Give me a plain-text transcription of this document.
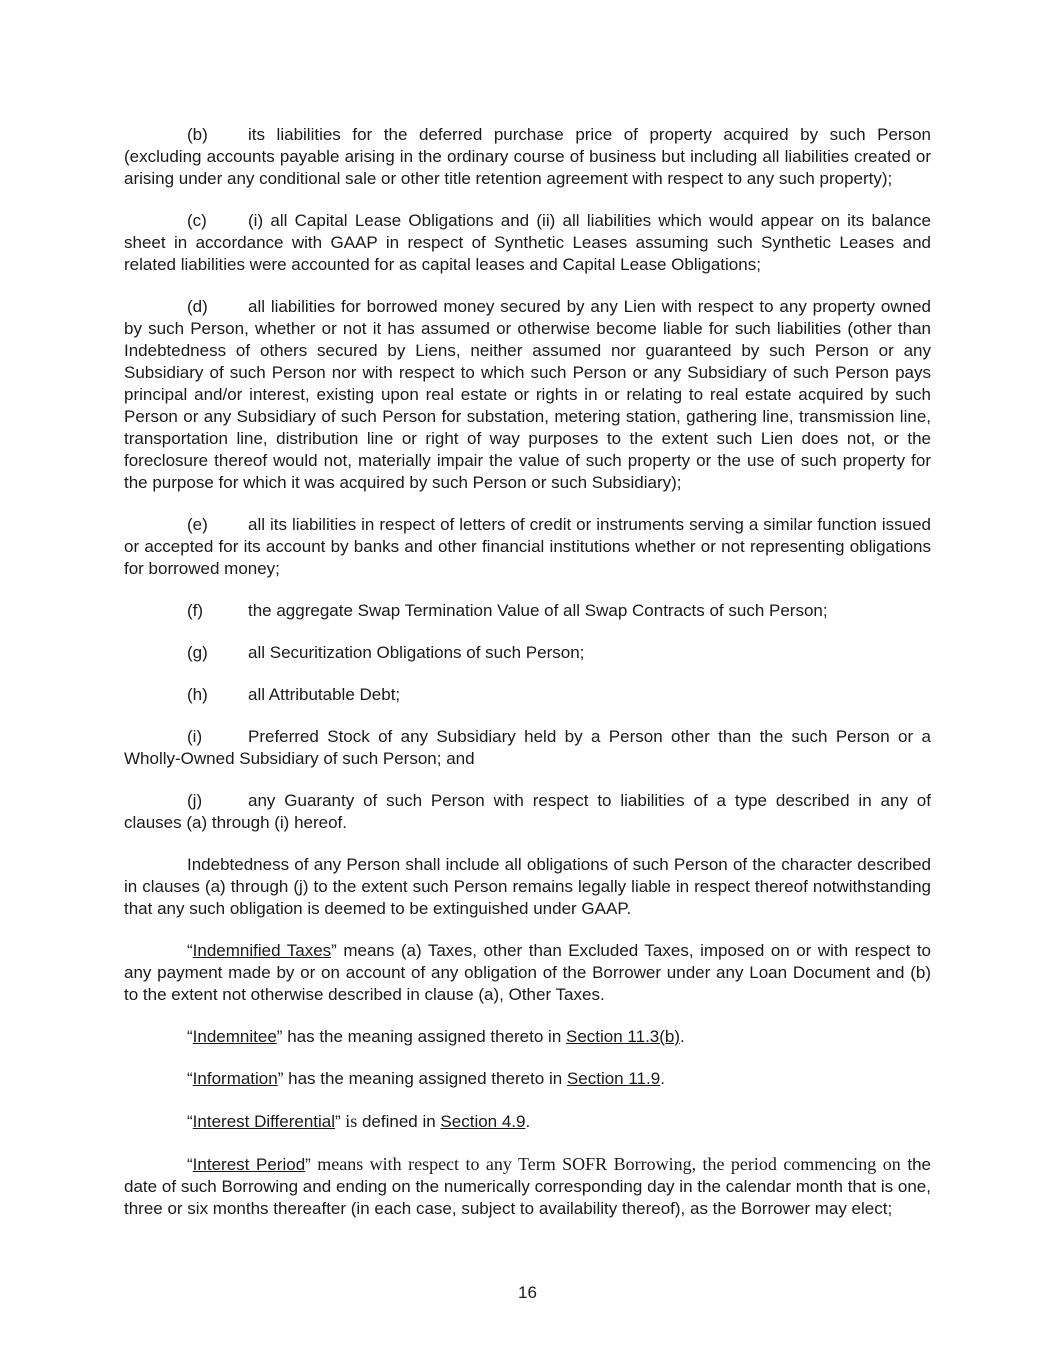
(b) its liabilities for the deferred purchase price of property acquired by such Person (excluding accounts payable arising in the ordinary course of business but including all liabilities created or arising under any conditional sale or other title retention agreement with respect to any such property);

(c) (i) all Capital Lease Obligations and (ii) all liabilities which would appear on its balance sheet in accordance with GAAP in respect of Synthetic Leases assuming such Synthetic Leases and related liabilities were accounted for as capital leases and Capital Lease Obligations;

(d) all liabilities for borrowed money secured by any Lien with respect to any property owned by such Person, whether or not it has assumed or otherwise become liable for such liabilities (other than Indebtedness of others secured by Liens, neither assumed nor guaranteed by such Person or any Subsidiary of such Person nor with respect to which such Person or any Subsidiary of such Person pays principal and/or interest, existing upon real estate or rights in or relating to real estate acquired by such Person or any Subsidiary of such Person for substation, metering station, gathering line, transmission line, transportation line, distribution line or right of way purposes to the extent such Lien does not, or the foreclosure thereof would not, materially impair the value of such property or the use of such property for the purpose for which it was acquired by such Person or such Subsidiary);

(e) all its liabilities in respect of letters of credit or instruments serving a similar function issued or accepted for its account by banks and other financial institutions whether or not representing obligations for borrowed money;

(f)	the aggregate Swap Termination Value of all Swap Contracts of such Person;

(g) all Securitization Obligations of such Person;

(h) all Attributable Debt;

(i)	Preferred Stock of any Subsidiary held by a Person other than the such Person or a Wholly-Owned Subsidiary of such Person; and

(j)	any Guaranty of such Person with respect to liabilities of a type described in any of clauses (a) through (i) hereof.

Indebtedness of any Person shall include all obligations of such Person of the character described in clauses (a) through (j) to the extent such Person remains legally liable in respect thereof notwithstanding that any such obligation is deemed to be extinguished under GAAP.

“Indemnified Taxes” means (a) Taxes, other than Excluded Taxes, imposed on or with respect to any payment made by or on account of any obligation of the Borrower under any Loan Document and (b) to the extent not otherwise described in clause (a), Other Taxes.

“Indemnitee” has the meaning assigned thereto in Section 11.3(b).

“Information” has the meaning assigned thereto in Section 11.9.

“Interest Differential” is defined in Section 4.9.

“Interest Period” means with respect to any Term SOFR Borrowing, the period commencing on the date of such Borrowing and ending on the numerically corresponding day in the calendar month that is one, three or six months thereafter (in each case, subject to availability thereof), as the Borrower may elect;

16
